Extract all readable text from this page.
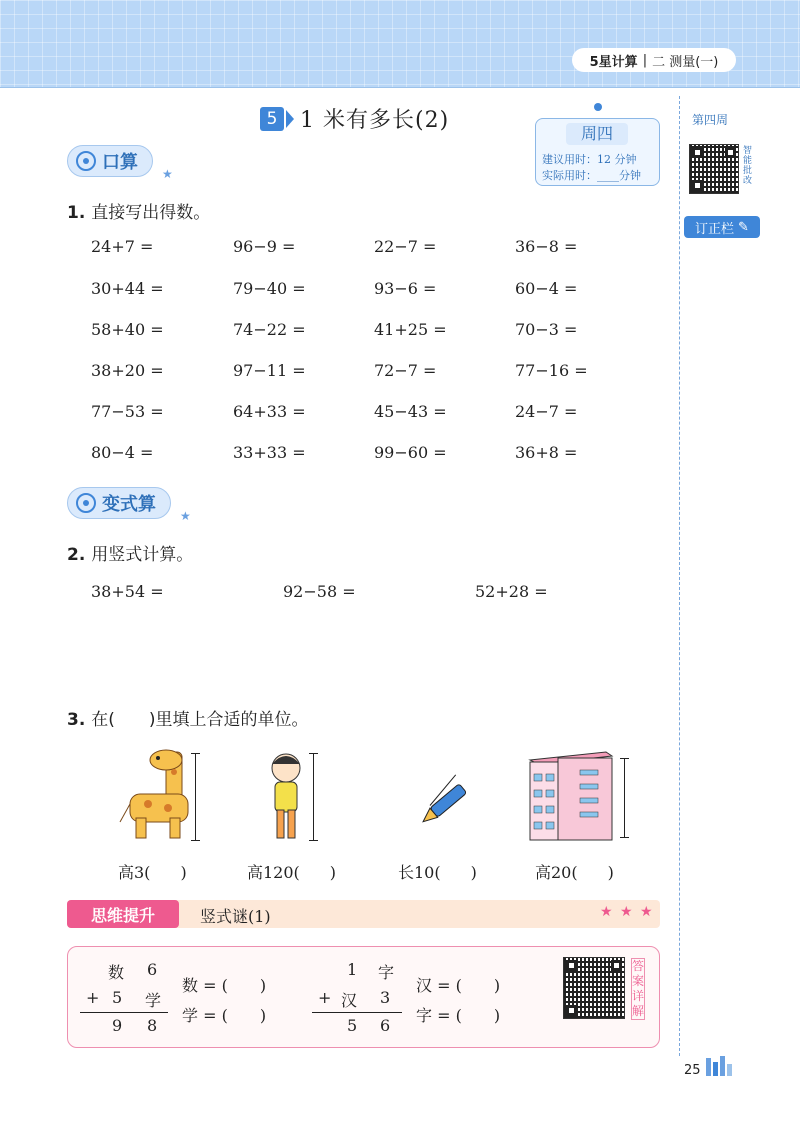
5星计算 | 二 测量(一)
第四周
智能批改
订正栏 ✎
5 1 米有多长(2)
周四
建议用时：12 分钟
实际用时：____分钟
口算
★
1. 直接写出得数。
24+7 =	96−9 =	22−7 =	36−8 =
30+44 =	79−40 =	93−6 =	60−4 =
58+40 =	74−22 =	41+25 =	70−3 =
38+20 =	97−11 =	72−7 =	77−16 =
77−53 =	64+33 =	45−43 =	24−7 =
80−4 =	33+33 =	99−60 =	36+8 =
变式算
★
2. 用竖式计算。
38+54 =	92−58 =	52+28 =
3. 在(　　)里填上合适的单位。
高3( )	高120( )	长10( )	高20( )
思维提升	竖式谜(1)	★ ★ ★
数 6
+ 5 学
9 8
数 = (　　)
学 = (　　)
1 字
+ 汉 3
5 6
汉 = (　　)
字 = (　　)
答案详解
25
